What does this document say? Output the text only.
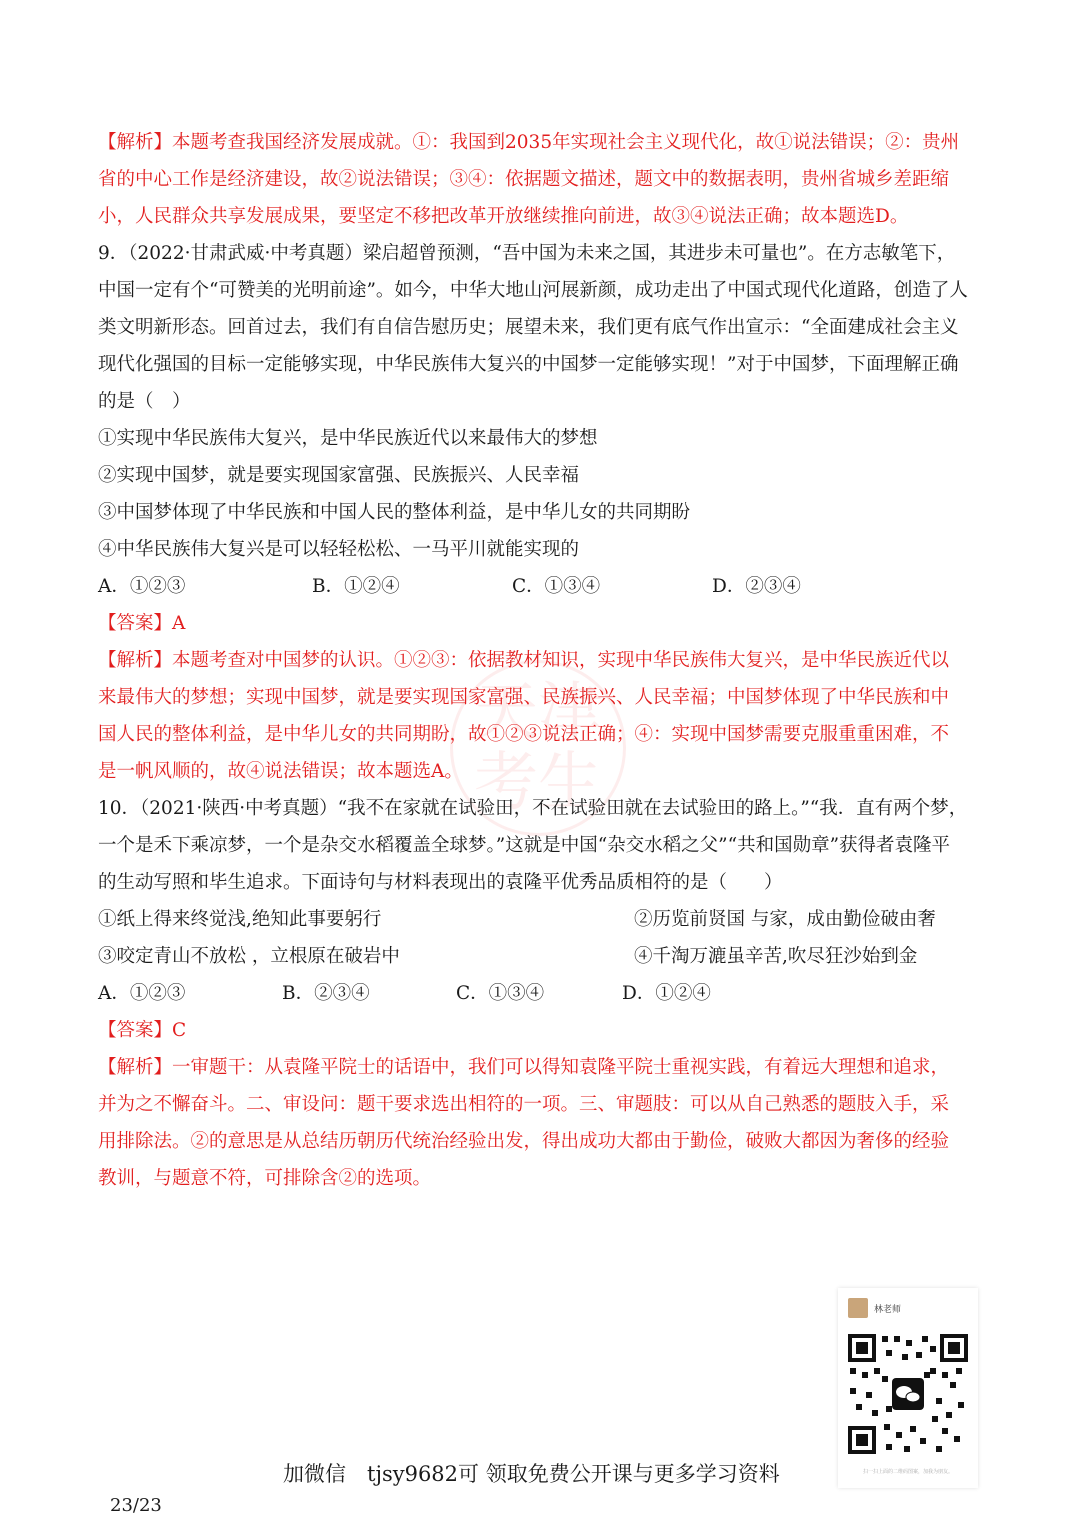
天津
考生
【解析】本题考查我国经济发展成就。①：我国到2035年实现社会主义现代化，故①说法错误；②：贵州
省的中心工作是经济建设，故②说法错误；③④：依据题文描述，题文中的数据表明，贵州省城乡差距缩
小，人民群众共享发展成果，要坚定不移把改革开放继续推向前进，故③④说法正确；故本题选D。
9．（2022·甘肃武威·中考真题）梁启超曾预测，“吾中国为未来之国，其进步未可量也”。在方志敏笔下，
中国一定有个“可赞美的光明前途”。如今，中华大地山河展新颜，成功走出了中国式现代化道路，创造了人
类文明新形态。回首过去，我们有自信告慰历史；展望未来，我们更有底气作出宣示：“全面建成社会主义
现代化强国的目标一定能够实现，中华民族伟大复兴的中国梦一定能够实现！”对于中国梦，下面理解正确
的是（　）
①实现中华民族伟大复兴，是中华民族近代以来最伟大的梦想
②实现中国梦，就是要实现国家富强、民族振兴、人民幸福
③中国梦体现了中华民族和中国人民的整体利益，是中华儿女的共同期盼
④中华民族伟大复兴是可以轻轻松松、一马平川就能实现的
A．①②③	B．①②④	C．①③④	D．②③④
【答案】A
【解析】本题考查对中国梦的认识。①②③：依据教材知识，实现中华民族伟大复兴，是中华民族近代以
来最伟大的梦想；实现中国梦，就是要实现国家富强、民族振兴、人民幸福；中国梦体现了中华民族和中
国人民的整体利益，是中华儿女的共同期盼，故①②③说法正确；④：实现中国梦需要克服重重困难，不
是一帆风顺的，故④说法错误；故本题选A。
10．（2021·陕西·中考真题）“我不在家就在试验田，不在试验田就在去试验田的路上。”“我．直有两个梦，
一个是禾下乘凉梦，一个是杂交水稻覆盖全球梦。”这就是中国“杂交水稻之父”“共和国勋章”获得者袁隆平
的生动写照和毕生追求。下面诗句与材料表现出的袁隆平优秀品质相符的是（　　）
①纸上得来终觉浅,绝知此事要躬行	②历览前贤国 与家，成由勤俭破由奢
③咬定青山不放松 ，立根原在破岩中	④千淘万漉虽辛苦,吹尽狂沙始到金
A．①②③	B．②③④	C．①③④	D．①②④
【答案】C
【解析】一审题干：从袁隆平院士的话语中，我们可以得知袁隆平院士重视实践，有着远大理想和追求，
并为之不懈奋斗。二、审设问：题干要求选出相符的一项。三、审题肢：可以从自己熟悉的题肢入手，采
用排除法。②的意思是从总结历朝历代统治经验出发，得出成功大都由于勤俭，破败大都因为奢侈的经验
教训，与题意不符，可排除含②的选项。
林老师
扫一扫上面的二维码图案，加我为朋友。
加微信　tjsy9682可 领取免费公开课与更多学习资料
23/23
